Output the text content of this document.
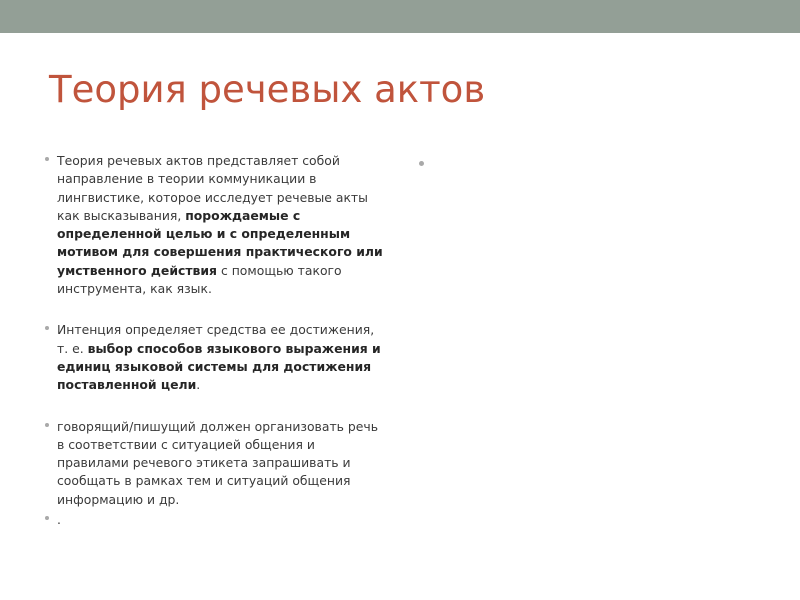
Теория речевых актов

Теория речевых актов представляет собой направление в теории коммуникации в лингвистике, которое исследует речевые акты как высказывания, порождаемые с определенной целью и с определенным мотивом для совершения практического или умственного действия с помощью такого инструмента, как язык.

Интенция определяет средства ее достижения, т. е. выбор способов языкового выражения и единиц языковой системы для достижения поставленной цели.

говорящий/пишущий должен организовать речь в соответствии с ситуацией общения и правилами речевого этикета запрашивать и сообщать в рамках тем и ситуаций общения информацию и др.

.
